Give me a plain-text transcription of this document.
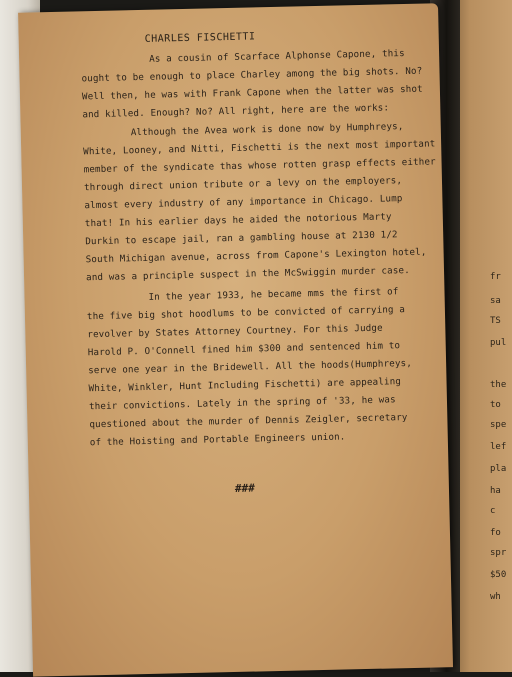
fr
sa
TS
pul
the
to
spe
lef
pla
ha
c
fo
spr
$50
wh
CHARLES FISCHETTI
As a cousin of Scarface Alphonse Capone, this
ought to be enough to place Charley among the big shots. No?
Well then, he was with Frank Capone when the latter was shot
and killed. Enough? No? All right, here are the works:
Although the Avea work is done now by Humphreys,
White, Looney, and Nitti, Fischetti is the next most important
member of the syndicate thas whose rotten grasp effects either
through direct union tribute or a levy on the employers,
almost every industry of any importance in Chicago. Lump
that! In his earlier days he aided the notorious Marty
Durkin to escape jail, ran a gambling house at 2130 1/2
South Michigan avenue, across from Capone's Lexington hotel,
and was a principle suspect in the McSwiggin murder case.
In the year 1933, he became mms the first of
the five big shot hoodlums to be convicted of carrying a
revolver by States Attorney Courtney. For this Judge
Harold P. O'Connell fined him $300 and sentenced him to
serve one year in the Bridewell. All the hoods(Humphreys,
White, Winkler, Hunt Including Fischetti) are appealing
their convictions. Lately in the spring of '33, he was
questioned about the murder of Dennis Zeigler, secretary
of the Hoisting and Portable Engineers union.
###
